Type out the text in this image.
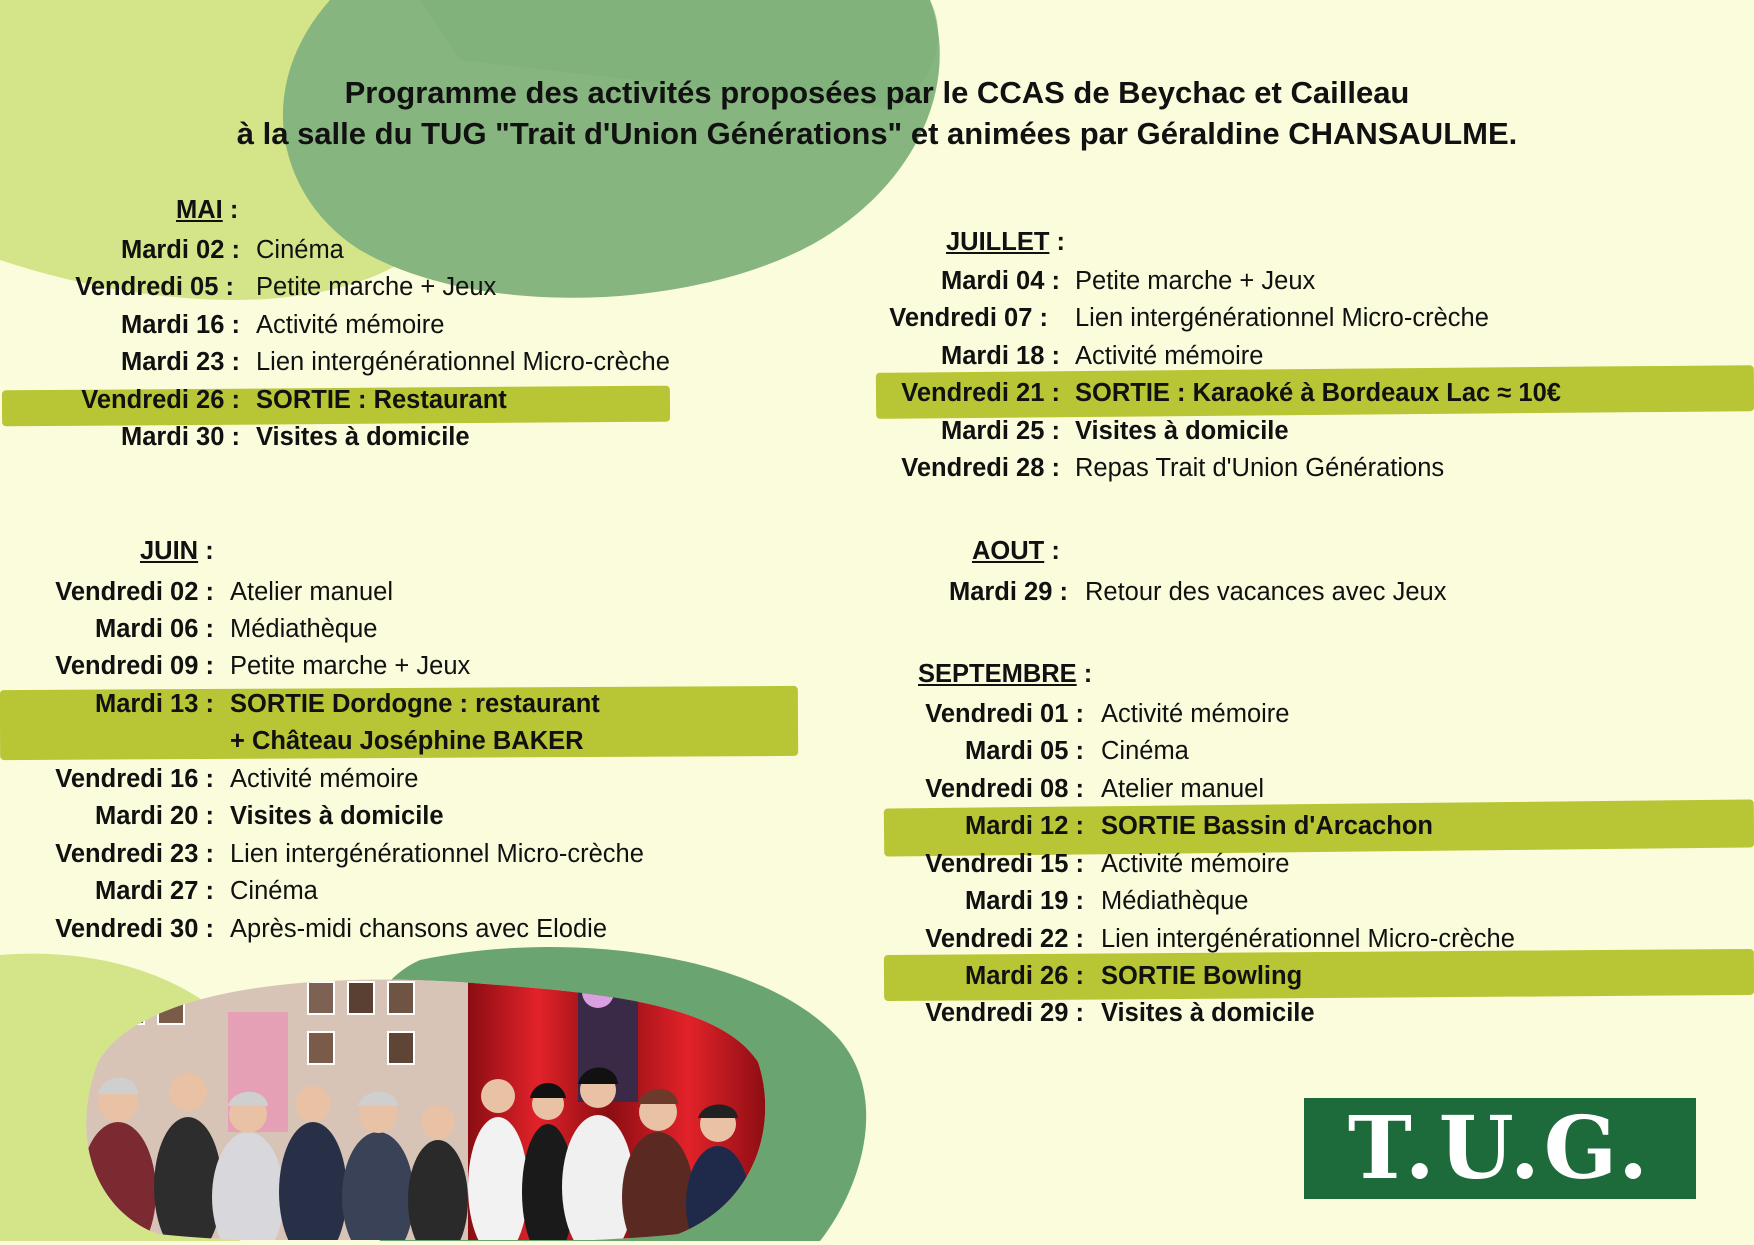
Programme des activités proposées par le CCAS de Beychac et Cailleau
à la salle du TUG "Trait d'Union Générations" et animées par Géraldine CHANSAULME.
MAI :
Mardi 02 : Cinéma
Vendredi 05 : Petite marche + Jeux
Mardi 16 : Activité mémoire
Mardi 23 : Lien intergénérationnel Micro-crèche
Vendredi 26 : SORTIE : Restaurant
Mardi 30 : Visites à domicile
JUIN :
Vendredi 02 : Atelier manuel
Mardi 06 : Médiathèque
Vendredi 09 : Petite marche + Jeux
Mardi 13 : SORTIE Dordogne : restaurant
+ Château Joséphine BAKER
Vendredi 16 : Activité mémoire
Mardi 20 : Visites à domicile
Vendredi 23 : Lien intergénérationnel Micro-crèche
Mardi 27 : Cinéma
Vendredi 30 : Après-midi chansons avec Elodie
JUILLET :
Mardi 04 : Petite marche + Jeux
Vendredi 07 : Lien intergénérationnel Micro-crèche
Mardi 18 : Activité mémoire
Vendredi 21 : SORTIE : Karaoké à Bordeaux Lac ≈ 10€
Mardi 25 : Visites à domicile
Vendredi 28 : Repas Trait d'Union Générations
AOUT :
Mardi 29 : Retour des vacances avec Jeux
SEPTEMBRE :
Vendredi 01 : Activité mémoire
Mardi 05 : Cinéma
Vendredi 08 : Atelier manuel
Mardi 12 : SORTIE Bassin d'Arcachon
Vendredi 15 : Activité mémoire
Mardi 19 : Médiathèque
Vendredi 22 : Lien intergénérationnel Micro-crèche
Mardi 26 : SORTIE Bowling
Vendredi 29 : Visites à domicile
T.U.G.
